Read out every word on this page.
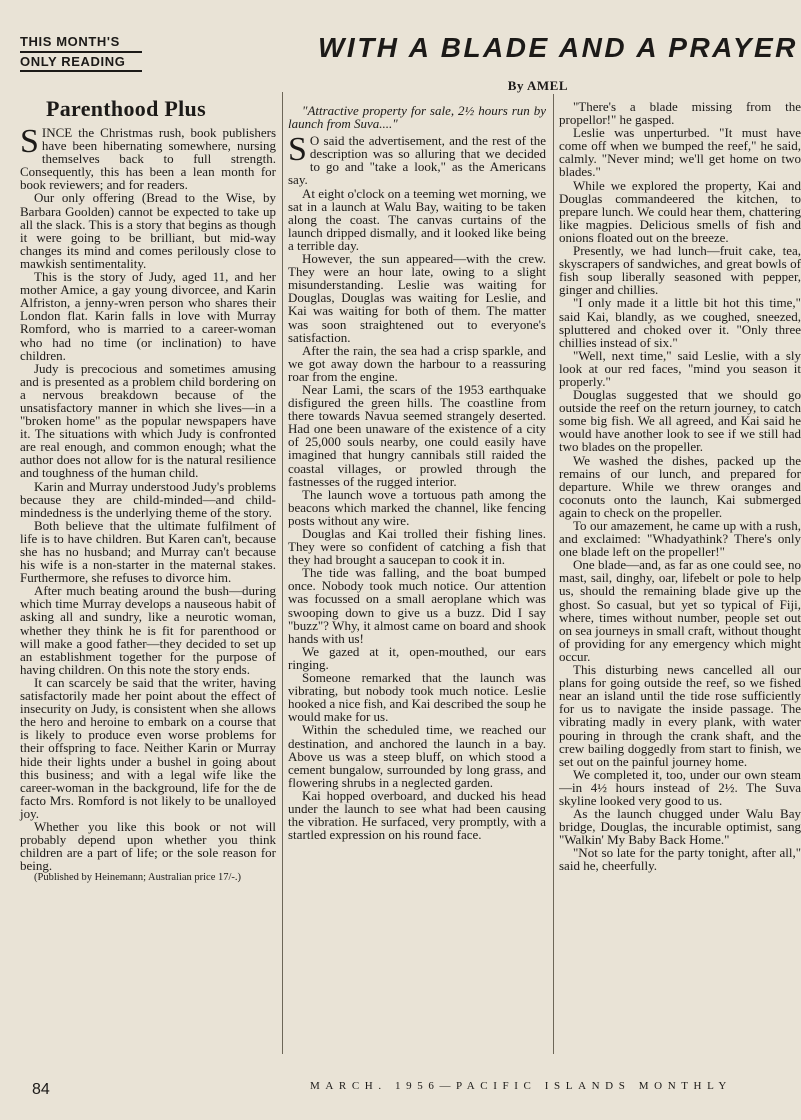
THIS MONTH'S
ONLY READING	WITH A BLADE AND A PRAYER
By AMEL
Parenthood Plus

SINCE the Christmas rush, book publishers have been hibernating somewhere, nursing themselves back to full strength. Consequently, this has been a lean month for book reviewers; and for readers.

Our only offering (Bread to the Wise, by Barbara Goolden) cannot be expected to take up all the slack. This is a story that begins as though it were going to be brilliant, but mid-way changes its mind and comes perilously close to mawkish sentimentality.

This is the story of Judy, aged 11, and her mother Amice, a gay young divorcee, and Karin Alfriston, a jenny-wren person who shares their London flat. Karin falls in love with Murray Romford, who is married to a career-woman who had no time (or inclination) to have children.

Judy is precocious and sometimes amusing and is presented as a problem child bordering on a nervous breakdown because of the unsatisfactory manner in which she lives—in a "broken home" as the popular newspapers have it. The situations with which Judy is confronted are real enough, and common enough; what the author does not allow for is the natural resilience and toughness of the human child.

Karin and Murray understood Judy's problems because they are child-minded—and child-mindedness is the underlying theme of the story.

Both believe that the ultimate fulfilment of life is to have children. But Karen can't, because she has no husband; and Murray can't because his wife is a non-starter in the maternal stakes. Furthermore, she refuses to divorce him.

After much beating around the bush—during which time Murray develops a nauseous habit of asking all and sundry, like a neurotic woman, whether they think he is fit for parenthood or will make a good father—they decided to set up an establishment together for the purpose of having children. On this note the story ends.

It can scarcely be said that the writer, having satisfactorily made her point about the effect of insecurity on Judy, is consistent when she allows the hero and heroine to embark on a course that is likely to produce even worse problems for their offspring to face. Neither Karin or Murray hide their lights under a bushel in going about this business; and with a legal wife like the career-woman in the background, life for the de facto Mrs. Romford is not likely to be unalloyed joy.

Whether you like this book or not will probably depend upon whether you think children are a part of life; or the sole reason for being.

(Published by Heinemann; Australian price 17/-.)

"Attractive property for sale, 2½ hours run by launch from Suva...."

S O said the advertisement, and the rest of the description was so alluring that we decided to go and "take a look," as the Americans say.

At eight o'clock on a teeming wet morning, we sat in a launch at Walu Bay, waiting to be taken along the coast. The canvas curtains of the launch dripped dismally, and it looked like being a terrible day.

However, the sun appeared—with the crew. They were an hour late, owing to a slight misunderstanding. Leslie was waiting for Douglas, Douglas was waiting for Leslie, and Kai was waiting for both of them. The matter was soon straightened out to everyone's satisfaction.

After the rain, the sea had a crisp sparkle, and we got away down the harbour to a reassuring roar from the engine.

Near Lami, the scars of the 1953 earthquake disfigured the green hills. The coastline from there towards Navua seemed strangely deserted. Had one been unaware of the existence of a city of 25,000 souls nearby, one could easily have imagined that hungry cannibals still raided the coastal villages, or prowled through the fastnesses of the rugged interior.

The launch wove a tortuous path among the beacons which marked the channel, like fencing posts without any wire.

Douglas and Kai trolled their fishing lines. They were so confident of catching a fish that they had brought a saucepan to cook it in.

The tide was falling, and the boat bumped once. Nobody took much notice. Our attention was focussed on a small aeroplane which was swooping down to give us a buzz. Did I say "buzz"? Why, it almost came on board and shook hands with us!

We gazed at it, open-mouthed, our ears ringing.

Someone remarked that the launch was vibrating, but nobody took much notice. Leslie hooked a nice fish, and Kai described the soup he would make for us.

Within the scheduled time, we reached our destination, and anchored the launch in a bay. Above us was a steep bluff, on which stood a cement bungalow, surrounded by long grass, and flowering shrubs in a neglected garden.

Kai hopped overboard, and ducked his head under the launch to see what had been causing the vibration. He surfaced, very promptly, with a startled expression on his round face.

"There's a blade missing from the propellor!" he gasped.

Leslie was unperturbed. "It must have come off when we bumped the reef," he said, calmly. "Never mind; we'll get home on two blades."

While we explored the property, Kai and Douglas commandeered the kitchen, to prepare lunch. We could hear them, chattering like magpies. Delicious smells of fish and onions floated out on the breeze.

Presently, we had lunch—fruit cake, tea, skyscrapers of sandwiches, and great bowls of fish soup liberally seasoned with pepper, ginger and chillies.

"I only made it a little bit hot this time," said Kai, blandly, as we coughed, sneezed, spluttered and choked over it. "Only three chillies instead of six."

"Well, next time," said Leslie, with a sly look at our red faces, "mind you season it properly."

Douglas suggested that we should go outside the reef on the return journey, to catch some big fish. We all agreed, and Kai said he would have another look to see if we still had two blades on the propeller.

We washed the dishes, packed up the remains of our lunch, and prepared for departure. While we threw oranges and coconuts onto the launch, Kai submerged again to check on the propeller.

To our amazement, he came up with a rush, and exclaimed: "Whadyathink? There's only one blade left on the propeller!"

One blade—and, as far as one could see, no mast, sail, dinghy, oar, lifebelt or pole to help us, should the remaining blade give up the ghost. So casual, but yet so typical of Fiji, where, times without number, people set out on sea journeys in small craft, without thought of providing for any emergency which might occur.

This disturbing news cancelled all our plans for going outside the reef, so we fished near an island until the tide rose sufficiently for us to navigate the inside passage. The vibrating madly in every plank, with water pouring in through the crank shaft, and the crew bailing doggedly from start to finish, we set out on the painful journey home.

We completed it, too, under our own steam—in 4½ hours instead of 2½. The Suva skyline looked very good to us.

As the launch chugged under Walu Bay bridge, Douglas, the incurable optimist, sang "Walkin' My Baby Back Home."

"Not so late for the party tonight, after all," said he, cheerfully.

84	MARCH. 1956—PACIFIC ISLANDS MONTHLY
